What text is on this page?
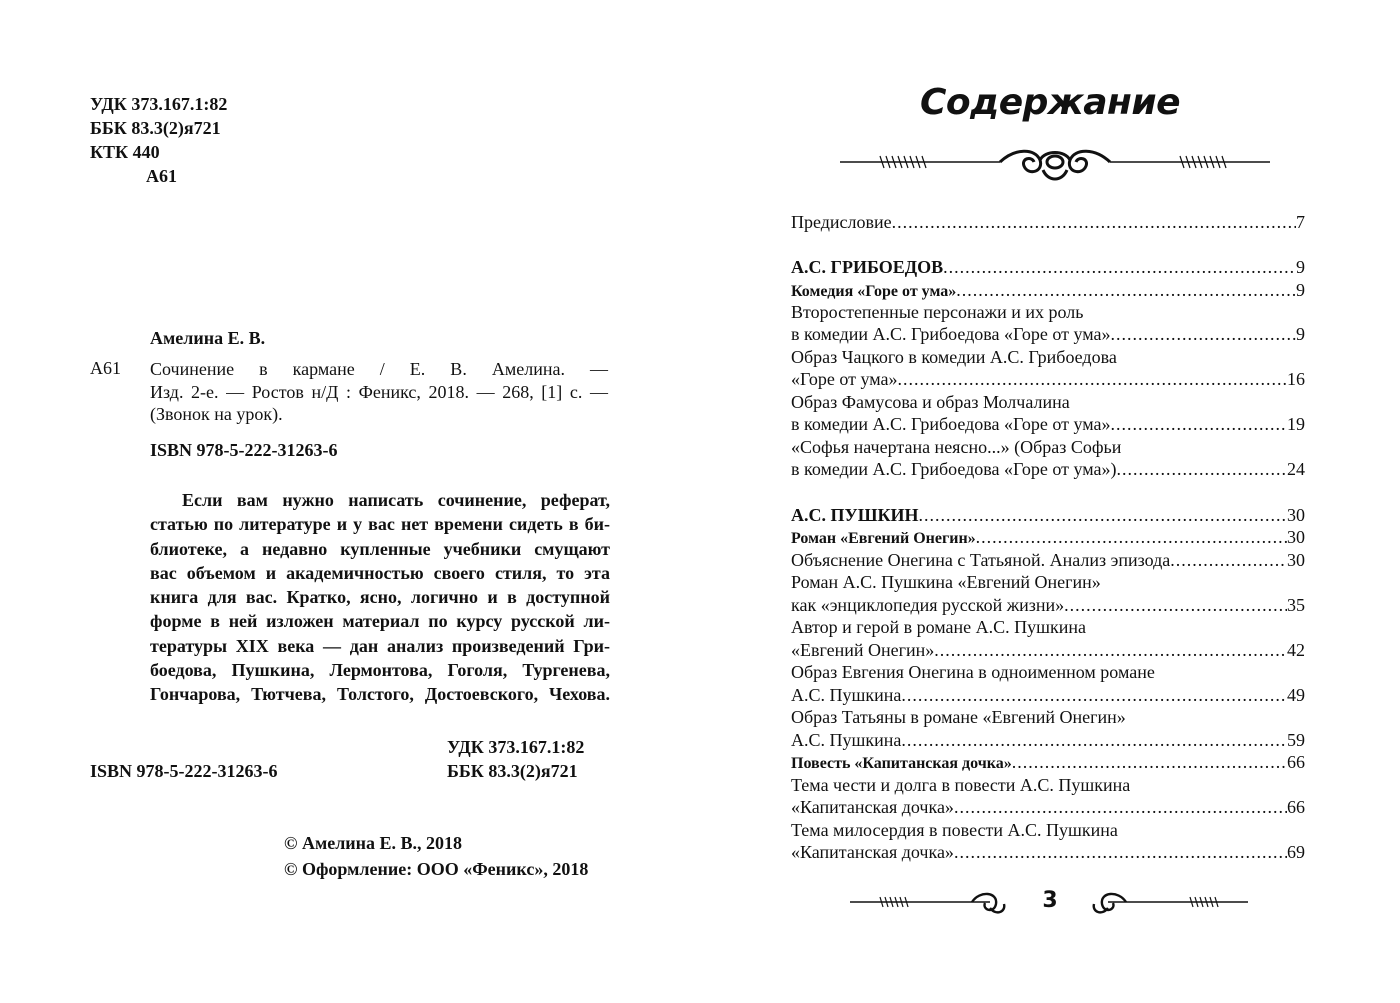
УДК 373.167.1:82
ББК 83.3(2)я721
КТК 440
А61
Амелина Е. В.
А61 Сочинение в кармане / Е. В. Амелина. —
Изд. 2-е. — Ростов н/Д : Феникс, 2018. — 268, [1] с. —
(Звонок на урок).
ISBN 978-5-222-31263-6
Если вам нужно написать сочинение, реферат,
статью по литературе и у вас нет времени сидеть в би-
блиотеке, а недавно купленные учебники смущают
вас объемом и академичностью своего стиля, то эта
книга для вас. Кратко, ясно, логично и в доступной
форме в ней изложен материал по курсу русской ли-
тературы XIX века — дан анализ произведений Гри-
боедова, Пушкина, Лермонтова, Гоголя, Тургенева,
Гончарова, Тютчева, Толстого, Достоевского, Чехова.
УДК 373.167.1:82
ББК 83.3(2)я721
ISBN 978-5-222-31263-6
© Амелина Е. В., 2018
© Оформление: ООО «Феникс», 2018
Содержание
Предисловие .....	7
А.С. ГРИБОЕДОВ .....	9
Комедия «Горе от ума» .....	9
Второстепенные персонажи и их роль
в комедии А.С. Грибоедова «Горе от ума» .....	9
Образ Чацкого в комедии А.С. Грибоедова
«Горе от ума» .....	16
Образ Фамусова и образ Молчалина
в комедии А.С. Грибоедова «Горе от ума» .....	19
«Софья начертана неясно...» (Образ Софьи
в комедии А.С. Грибоедова «Горе от ума») .....	24
А.С. ПУШКИН .....	30
Роман «Евгений Онегин» .....	30
Объяснение Онегина с Татьяной. Анализ эпизода .....	30
Роман А.С. Пушкина «Евгений Онегин»
как «энциклопедия русской жизни» .....	35
Автор и герой в романе А.С. Пушкина
«Евгений Онегин» .....	42
Образ Евгения Онегина в одноименном романе
А.С. Пушкина .....	49
Образ Татьяны в романе «Евгений Онегин»
А.С. Пушкина .....	59
Повесть «Капитанская дочка» .....	66
Тема чести и долга в повести А.С. Пушкина
«Капитанская дочка» .....	66
Тема милосердия в повести А.С. Пушкина
«Капитанская дочка» .....	69
3
